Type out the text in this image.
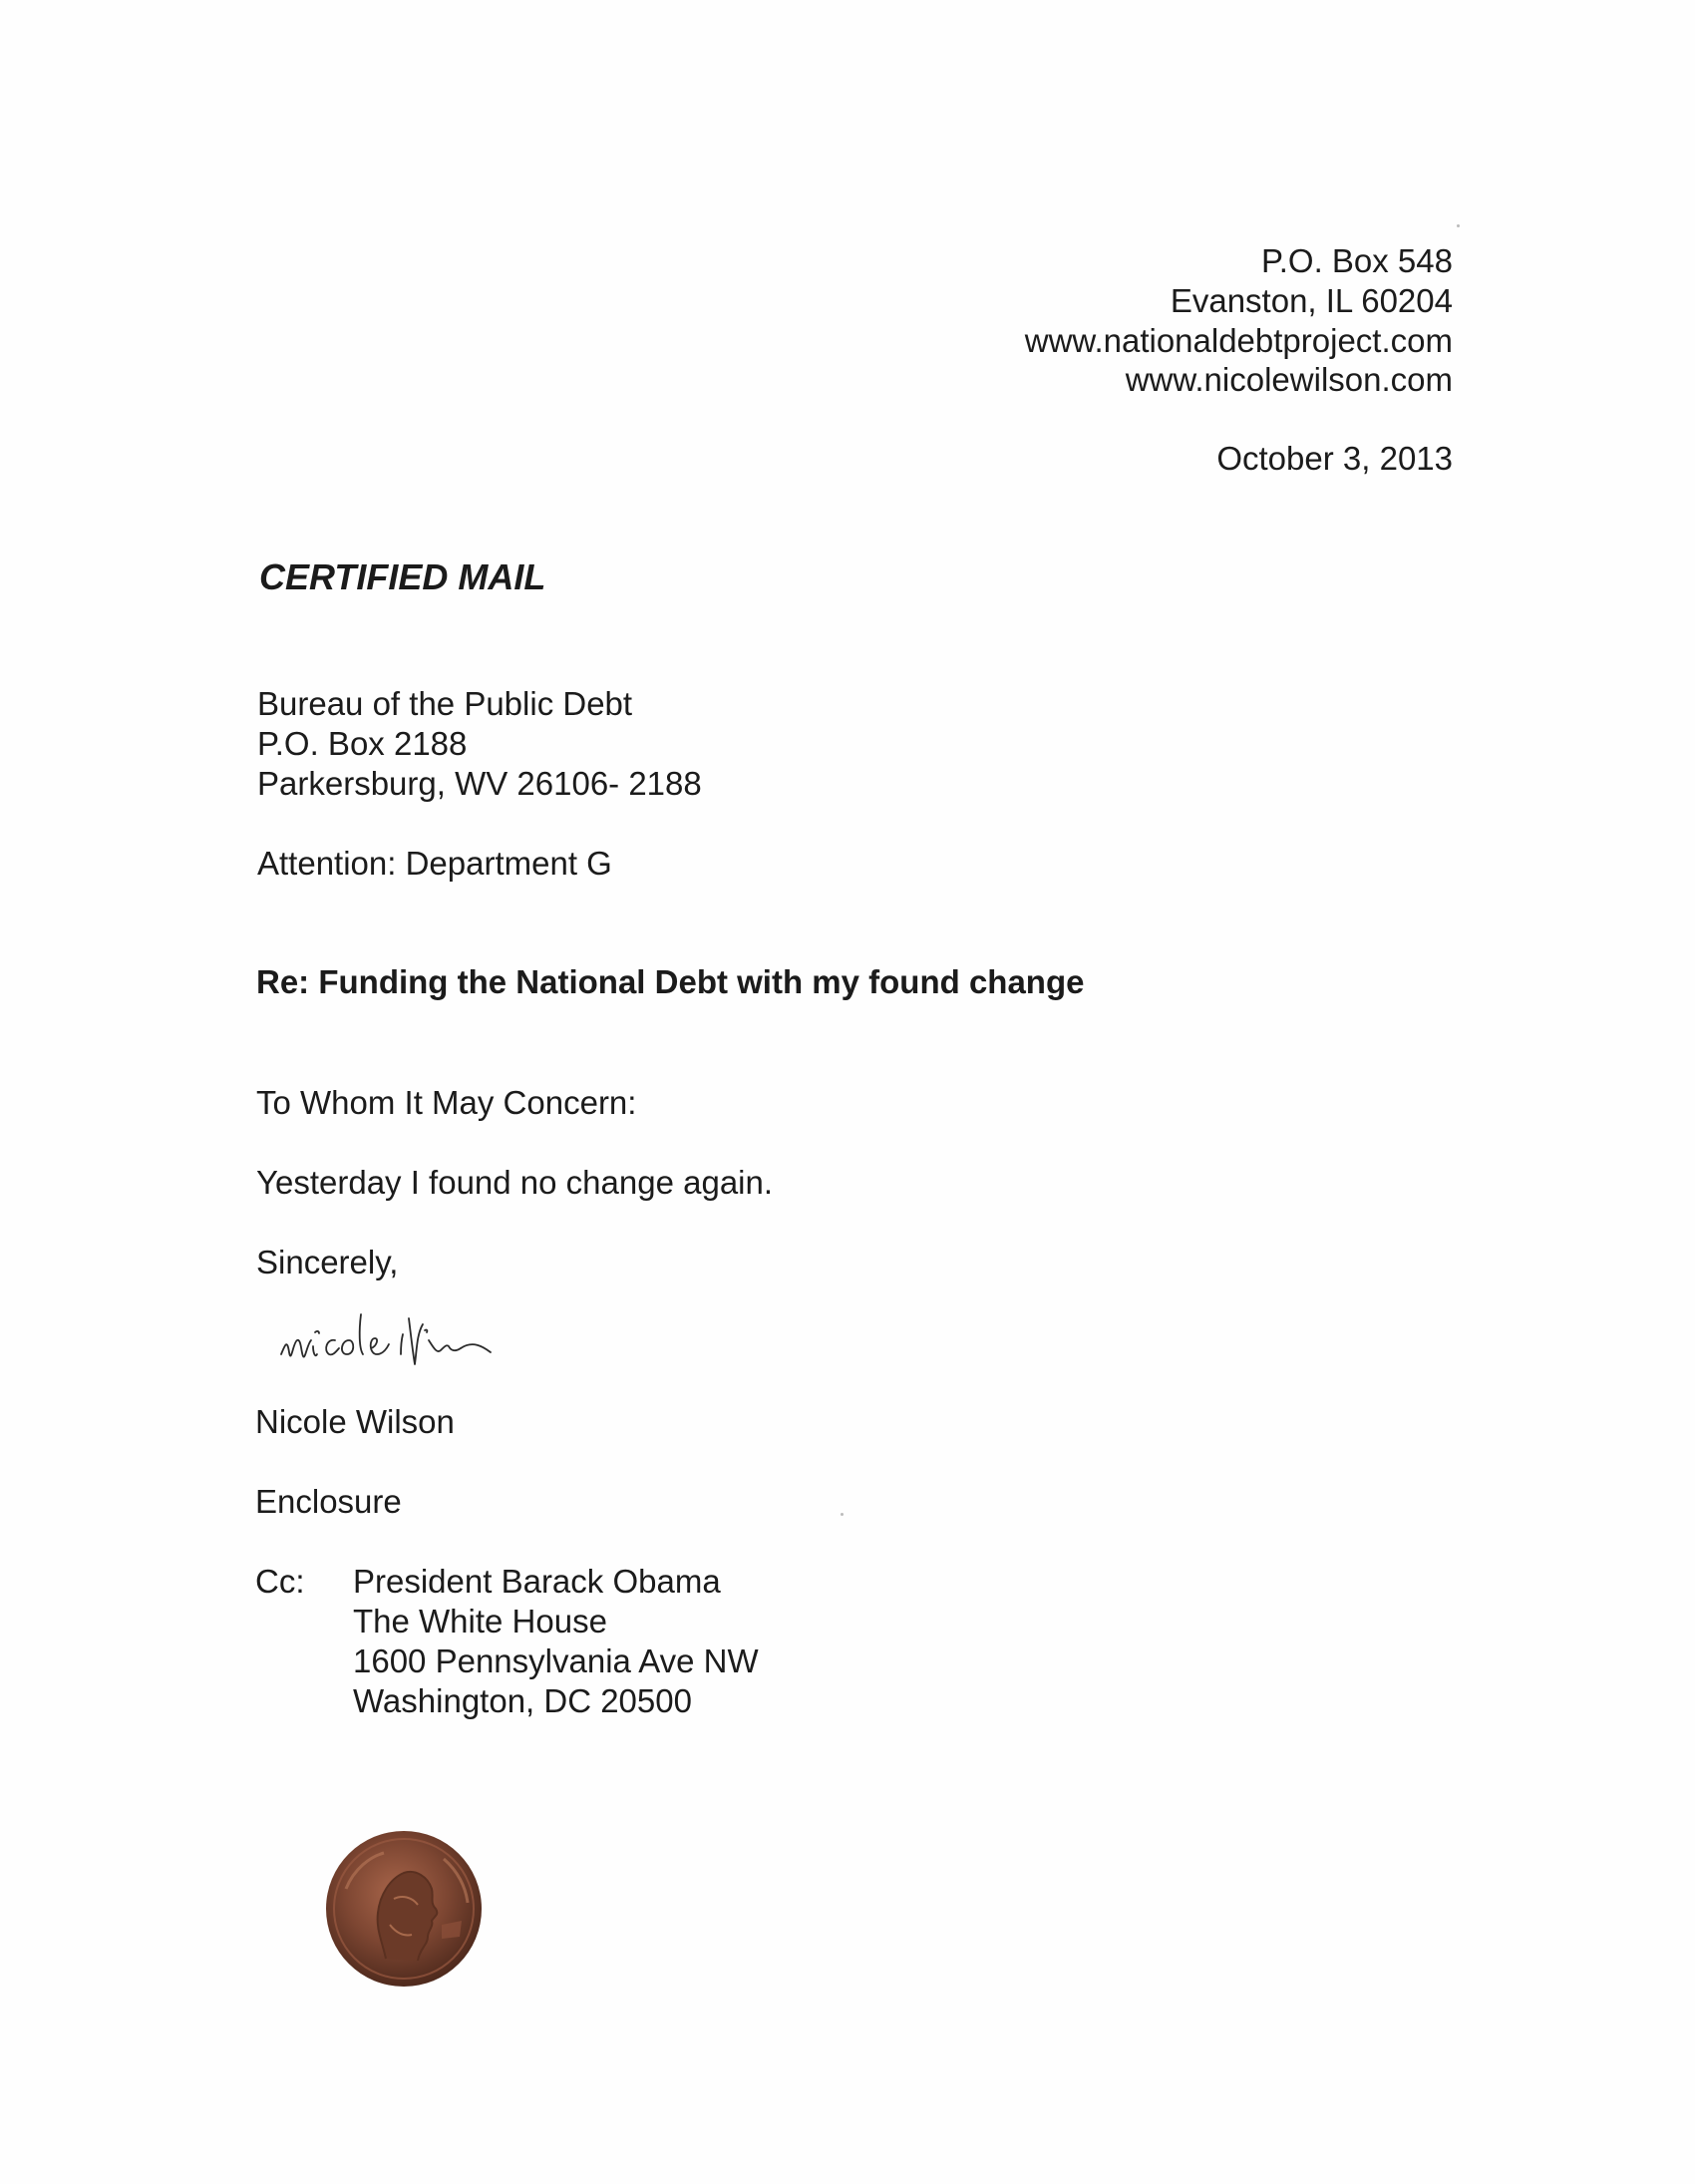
P.O. Box 548
Evanston, IL 60204
www.nationaldebtproject.com
www.nicolewilson.com
October 3, 2013
CERTIFIED MAIL
Bureau of the Public Debt
P.O. Box 2188
Parkersburg, WV 26106- 2188
Attention: Department G
Re: Funding the National Debt with my found change
To Whom It May Concern:
Yesterday I found no change again.
Sincerely,
Nicole Wilson
Enclosure
Cc: President Barack Obama
The White House
1600 Pennsylvania Ave NW
Washington, DC 20500
